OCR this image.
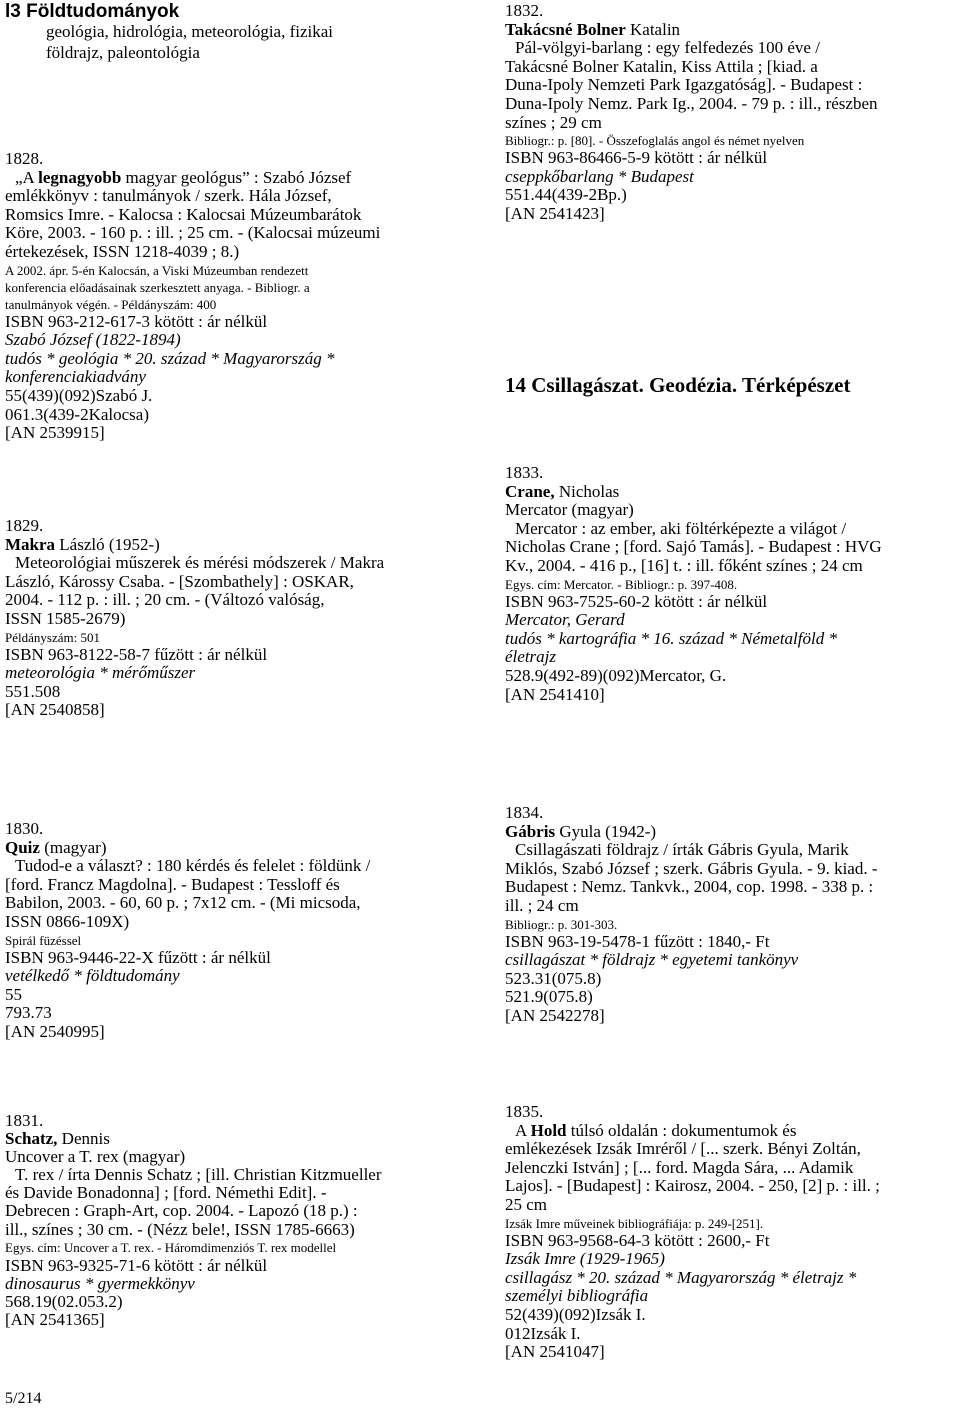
l3 Földtudományok
geológia, hidrológia, meteorológia, fizikai
földrajz, paleontológia
1828.
„A legnagyobb magyar geológus” : Szabó József
emlékkönyv : tanulmányok / szerk. Hála József,
Romsics Imre. - Kalocsa : Kalocsai Múzeumbarátok
Köre, 2003. - 160 p. : ill. ; 25 cm. - (Kalocsai múzeumi
értekezések, ISSN 1218-4039 ; 8.)
A 2002. ápr. 5-én Kalocsán, a Viski Múzeumban rendezett
konferencia előadásainak szerkesztett anyaga. - Bibliogr. a
tanulmányok végén. - Példányszám: 400
ISBN 963-212-617-3 kötött : ár nélkül
Szabó József (1822-1894)
tudós * geológia * 20. század * Magyarország *
konferenciakiadvány
55(439)(092)Szabó J.
061.3(439-2Kalocsa)
[AN 2539915]
1829.
Makra László (1952-)
Meteorológiai műszerek és mérési módszerek / Makra
László, Károssy Csaba. - [Szombathely] : OSKAR,
2004. - 112 p. : ill. ; 20 cm. - (Változó valóság,
ISSN 1585-2679)
Példányszám: 501
ISBN 963-8122-58-7 fűzött : ár nélkül
meteorológia * mérőműszer
551.508
[AN 2540858]
1830.
Quiz (magyar)
Tudod-e a választ? : 180 kérdés és felelet : földünk /
[ford. Francz Magdolna]. - Budapest : Tessloff és
Babilon, 2003. - 60, 60 p. ; 7x12 cm. - (Mi micsoda,
ISSN 0866-109X)
Spirál füzéssel
ISBN 963-9446-22-X fűzött : ár nélkül
vetélkedő * földtudomány
55
793.73
[AN 2540995]
1831.
Schatz, Dennis
Uncover a T. rex (magyar)
T. rex / írta Dennis Schatz ; [ill. Christian Kitzmueller
és Davide Bonadonna] ; [ford. Némethi Edit]. -
Debrecen : Graph-Art, cop. 2004. - Lapozó (18 p.) :
ill., színes ; 30 cm. - (Nézz bele!, ISSN 1785-6663)
Egys. cím: Uncover a T. rex. - Háromdimenziós T. rex modellel
ISBN 963-9325-71-6 kötött : ár nélkül
dinosaurus * gyermekkönyv
568.19(02.053.2)
[AN 2541365]
1832.
Takácsné Bolner Katalin
Pál-völgyi-barlang : egy felfedezés 100 éve /
Takácsné Bolner Katalin, Kiss Attila ; [kiad. a
Duna-Ipoly Nemzeti Park Igazgatóság]. - Budapest :
Duna-Ipoly Nemz. Park Ig., 2004. - 79 p. : ill., részben
színes ; 29 cm
Bibliogr.: p. [80]. - Összefoglalás angol és német nyelven
ISBN 963-86466-5-9 kötött : ár nélkül
cseppkőbarlang * Budapest
551.44(439-2Bp.)
[AN 2541423]
14 Csillagászat. Geodézia. Térképészet
1833.
Crane, Nicholas
Mercator (magyar)
Mercator : az ember, aki föltérképezte a világot /
Nicholas Crane ; [ford. Sajó Tamás]. - Budapest : HVG
Kv., 2004. - 416 p., [16] t. : ill. főként színes ; 24 cm
Egys. cím: Mercator. - Bibliogr.: p. 397-408.
ISBN 963-7525-60-2 kötött : ár nélkül
Mercator, Gerard
tudós * kartográfia * 16. század * Németalföld *
életrajz
528.9(492-89)(092)Mercator, G.
[AN 2541410]
1834.
Gábris Gyula (1942-)
Csillagászati földrajz / írták Gábris Gyula, Marik
Miklós, Szabó József ; szerk. Gábris Gyula. - 9. kiad. -
Budapest : Nemz. Tankvk., 2004, cop. 1998. - 338 p. :
ill. ; 24 cm
Bibliogr.: p. 301-303.
ISBN 963-19-5478-1 fűzött : 1840,- Ft
csillagászat * földrajz * egyetemi tankönyv
523.31(075.8)
521.9(075.8)
[AN 2542278]
1835.
A Hold túlsó oldalán : dokumentumok és
emlékezések Izsák Imréről / [... szerk. Bényi Zoltán,
Jelenczki István] ; [... ford. Magda Sára, ... Adamik
Lajos]. - [Budapest] : Kairosz, 2004. - 250, [2] p. : ill. ;
25 cm
Izsák Imre műveinek bibliográfiája: p. 249-[251].
ISBN 963-9568-64-3 kötött : 2600,- Ft
Izsák Imre (1929-1965)
csillagász * 20. század * Magyarország * életrajz *
személyi bibliográfia
52(439)(092)Izsák I.
012Izsák I.
[AN 2541047]
5/214
